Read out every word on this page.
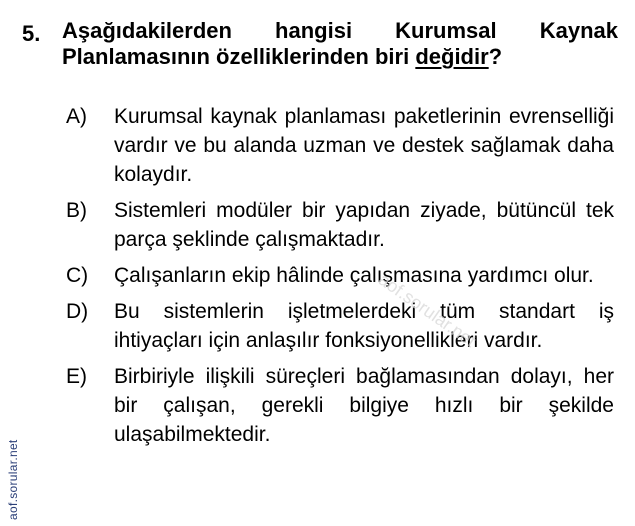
5. Aşağıdakilerden hangisi Kurumsal Kaynak Planlamasının özelliklerinden biri değidir?
A)	Kurumsal kaynak planlaması paketlerinin evrenselliği vardır ve bu alanda uzman ve destek sağlamak daha kolaydır.
B)	Sistemleri modüler bir yapıdan ziyade, bütüncül tek parça şeklinde çalışmaktadır.
C)	Çalışanların ekip hâlinde çalışmasına yardımcı olur.
D)	Bu sistemlerin işletmelerdeki tüm standart iş ihtiyaçları için anlaşılır fonksiyonellikleri vardır.
E)	Birbiriyle ilişkili süreçleri bağlamasından dolayı, her bir çalışan, gerekli bilgiye hızlı bir şekilde ulaşabilmektedir.
aof.sorular.net
aof.sorular.net
